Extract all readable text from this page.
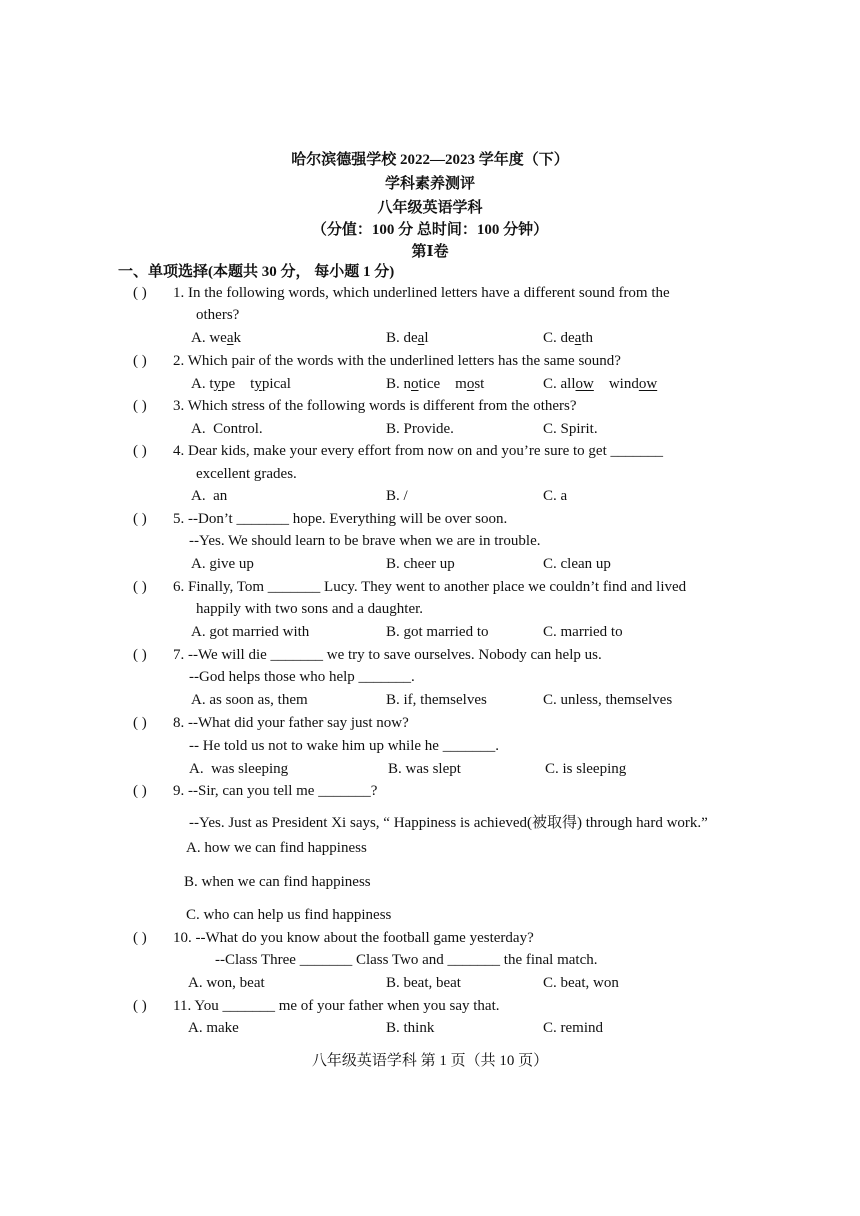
哈尔滨德强学校 2022—2023 学年度（下）
学科素养测评
八年级英语学科
（分值：100 分 总时间：100 分钟）
第Ⅰ卷
一、单项选择(本题共 30 分， 每小题 1 分)
( )	1. In the following words, which underlined letters have a different sound from the
others?
A. weak	B. deal	C. death
( )	2. Which pair of the words with the underlined letters has the same sound?
A. type    typical	B. notice    most	C. allow    window
( )	3. Which stress of the following words is different from the others?
A.  Control.	B. Provide.	C. Spirit.
( )	4. Dear kids, make your every effort from now on and you’re sure to get _______
excellent grades.
A.  an	B. /	C. a
( )	5. --Don’t _______ hope. Everything will be over soon.
--Yes. We should learn to be brave when we are in trouble.
A. give up	B. cheer up	C. clean up
( )	6. Finally, Tom _______ Lucy. They went to another place we couldn’t find and lived
happily with two sons and a daughter.
A. got married with	B. got married to	C. married to
( )	7. --We will die _______ we try to save ourselves. Nobody can help us.
--God helps those who help _______.
A. as soon as, them	B. if, themselves	C. unless, themselves
( )	8. --What did your father say just now?
-- He told us not to wake him up while he _______.
A.  was sleeping	B. was slept	C. is sleeping
( )	9. --Sir, can you tell me _______?
--Yes. Just as President Xi says, “ Happiness is achieved(被取得) through hard work.”
A. how we can find happiness
B. when we can find happiness
C. who can help us find happiness
( )	10. --What do you know about the football game yesterday?
--Class Three _______ Class Two and _______ the final match.
A. won, beat	B. beat, beat	C. beat, won
( )	11. You _______ me of your father when you say that.
A. make	B. think	C. remind
八年级英语学科 第 1 页（共 10 页）
